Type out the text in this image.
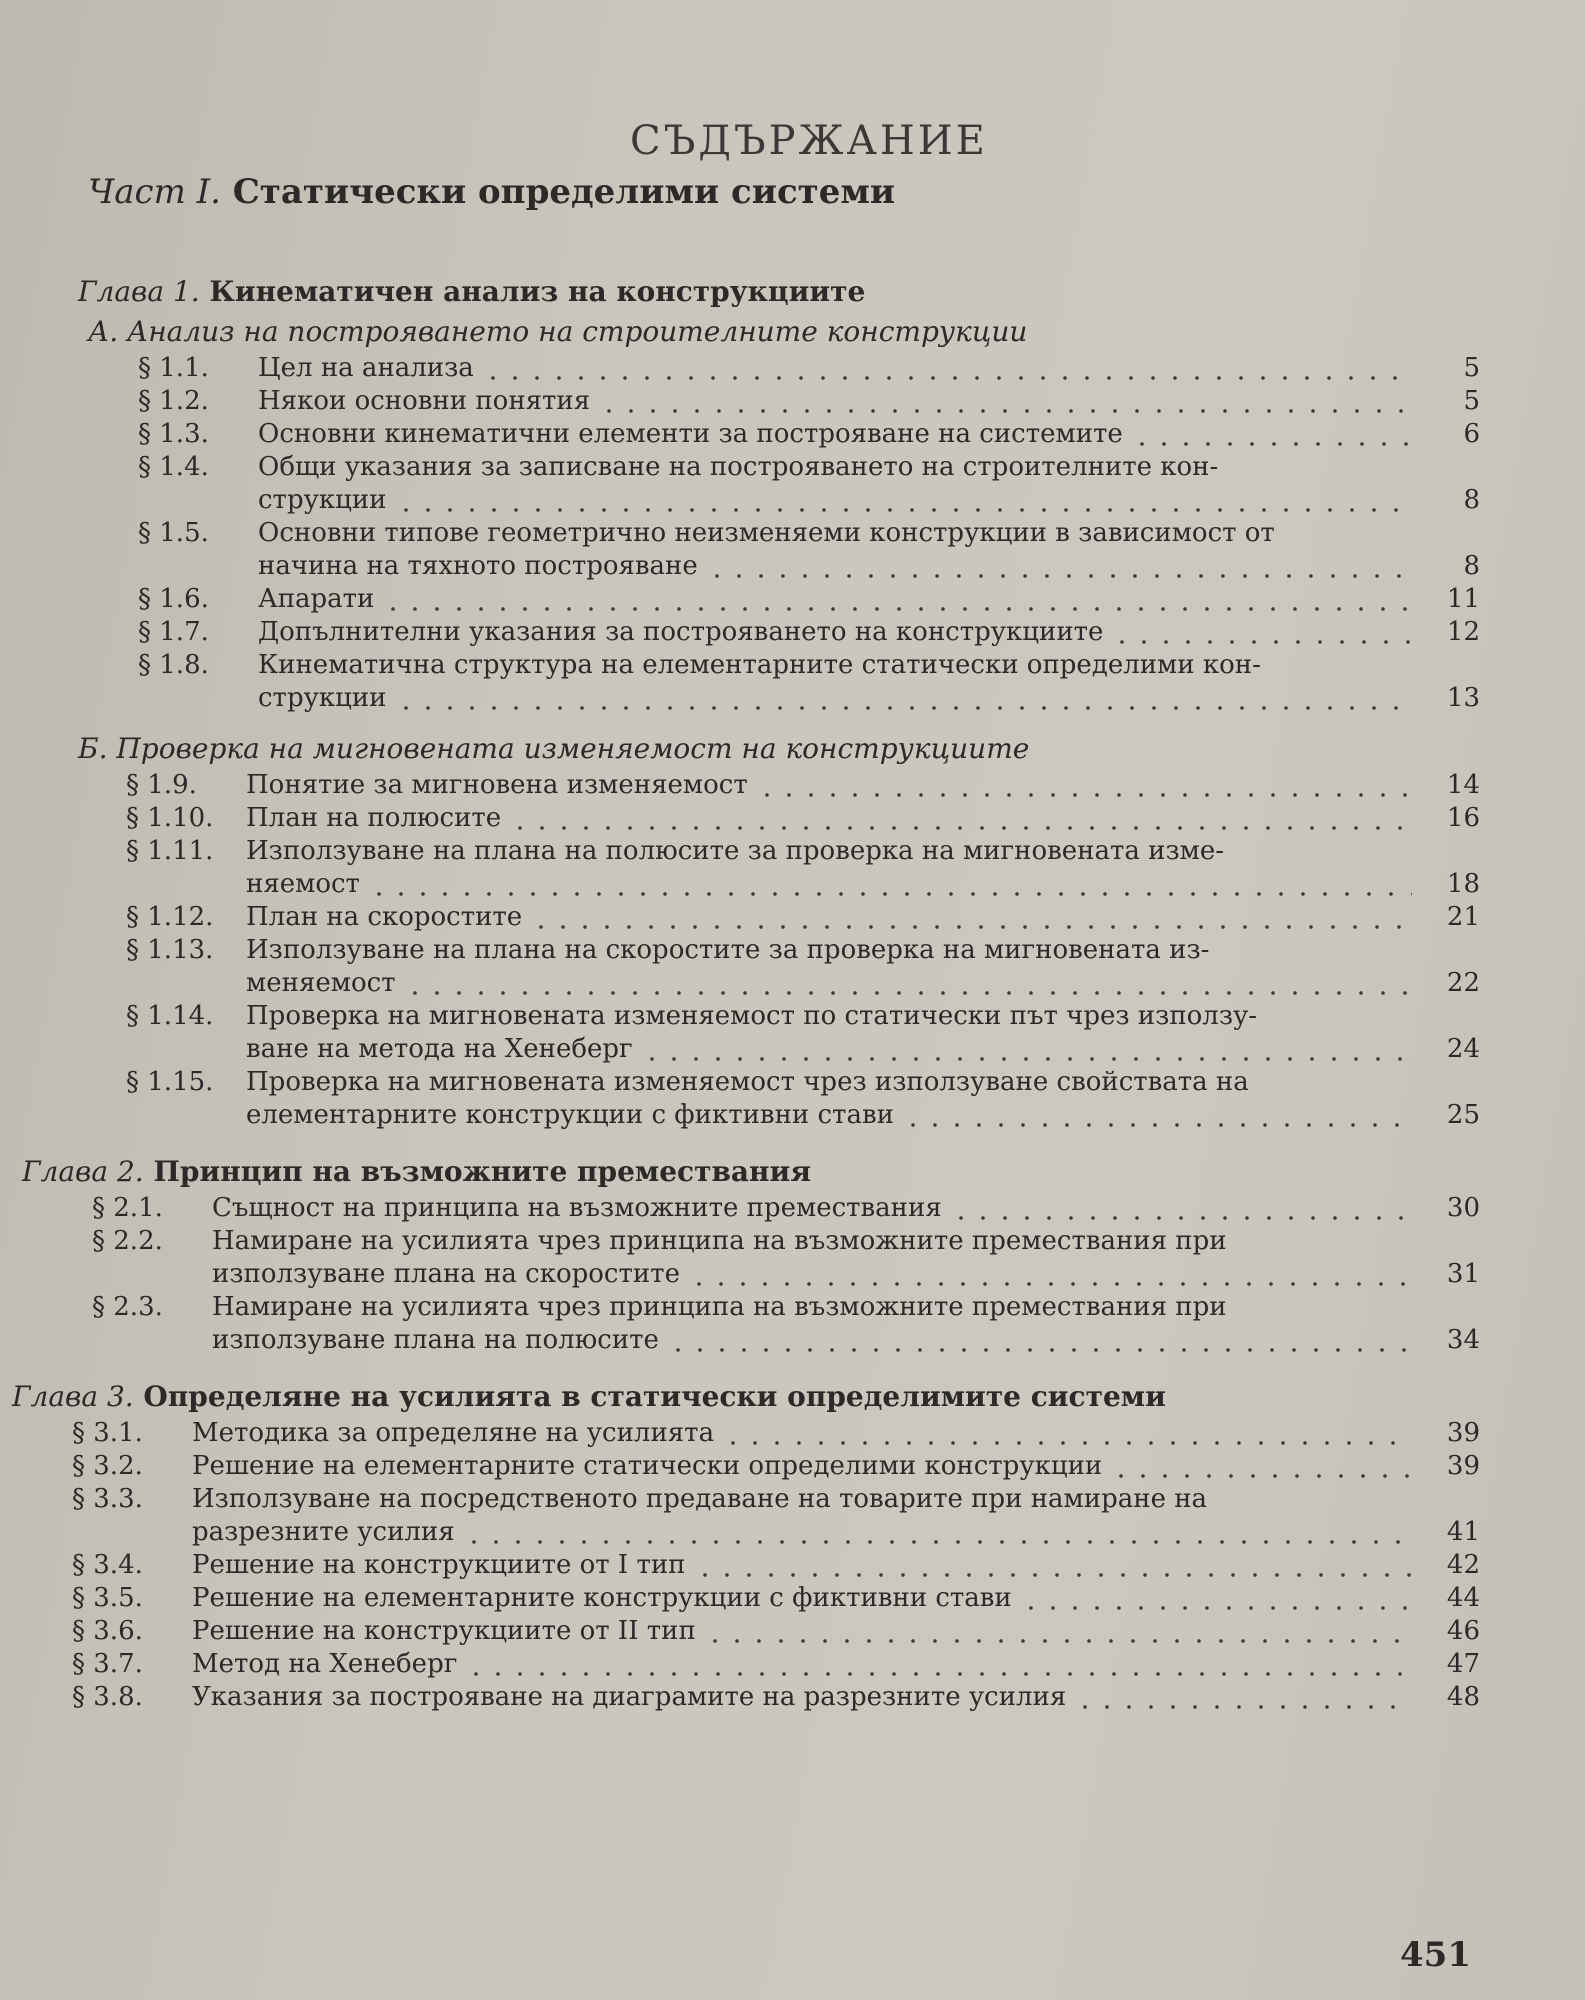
СЪДЪРЖАНИЕ
Част I. Статически определими системи
Глава 1. Кинематичен анализ на конструкциите
А. Анализ на построяването на строителните конструкции
§ 1.1.	Цел на анализа	5
§ 1.2.	Някои основни понятия	5
§ 1.3.	Основни кинематични елементи за построяване на системите	6
§ 1.4.	Общи указания за записване на построяването на строителните кон-
струкции	8
§ 1.5.	Основни типове геометрично неизменяеми конструкции в зависимост от
начина на тяхното построяване	8
§ 1.6.	Апарати	11
§ 1.7.	Допълнителни указания за построяването на конструкциите	12
§ 1.8.	Кинематична структура на елементарните статически определими кон-
струкции	13
Б. Проверка на мигновената изменяемост на конструкциите
§ 1.9.	Понятие за мигновена изменяемост	14
§ 1.10.	План на полюсите	16
§ 1.11.	Използуване на плана на полюсите за проверка на мигновената изме-
няемост	18
§ 1.12.	План на скоростите	21
§ 1.13.	Използуване на плана на скоростите за проверка на мигновената из-
меняемост	22
§ 1.14.	Проверка на мигновената изменяемост по статически път чрез използу-
ване на метода на Хенеберг	24
§ 1.15.	Проверка на мигновената изменяемост чрез използуване свойствата на
елементарните конструкции с фиктивни стави	25
Глава 2. Принцип на възможните премествания
§ 2.1.	Същност на принципа на възможните премествания	30
§ 2.2.	Намиране на усилията чрез принципа на възможните премествания при
използуване плана на скоростите	31
§ 2.3.	Намиране на усилията чрез принципа на възможните премествания при
използуване плана на полюсите	34
Глава 3. Определяне на усилията в статически определимите системи
§ 3.1.	Методика за определяне на усилията	39
§ 3.2.	Решение на елементарните статически определими конструкции	39
§ 3.3.	Използуване на посредственото предаване на товарите при намиране на
разрезните усилия	41
§ 3.4.	Решение на конструкциите от I тип	42
§ 3.5.	Решение на елементарните конструкции с фиктивни стави	44
§ 3.6.	Решение на конструкциите от II тип	46
§ 3.7.	Метод на Хенеберг	47
§ 3.8.	Указания за построяване на диаграмите на разрезните усилия	48
451
